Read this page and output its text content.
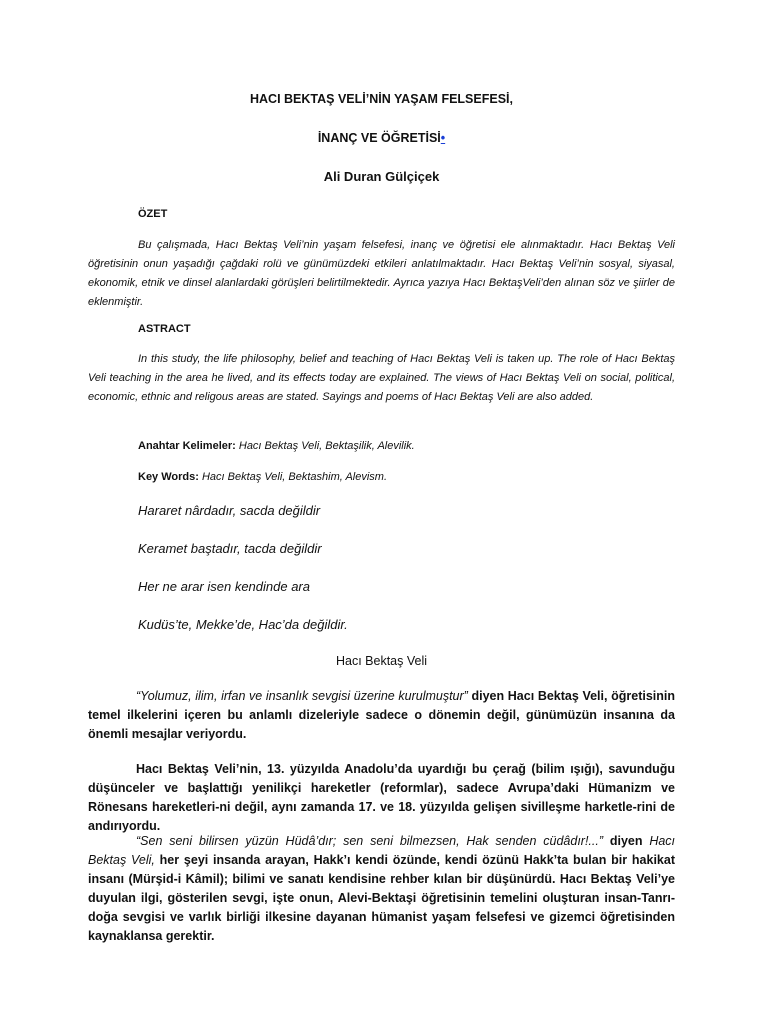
HACI BEKTAŞ VELİ’NİN YAŞAM FELSEFESİ,
İNANÇ VE ÖĞRETİSİ•
Ali Duran Gülçiçek
ÖZET
Bu çalışmada, Hacı Bektaş Veli’nin yaşam felsefesi, inanç ve öğretisi ele alınmaktadır. Hacı Bektaş Veli öğretisinin onun yaşadığı çağdaki rolü ve günümüzdeki etkileri anlatılmaktadır. Hacı Bektaş Veli’nin sosyal, siyasal, ekonomik, etnik ve dinsel alanlardaki görüşleri belirtilmektedir. Ayrıca yazıya Hacı BektaşVeli’den alınan söz ve şiirler de eklenmiştir.
ASTRACT
In this study, the life philosophy, belief and teaching of Hacı Bektaş Veli is taken up. The role of Hacı Bektaş Veli teaching in the area he lived, and its effects today are explained. The views of Hacı Bektaş Veli on social, political, economic, ethnic and religous areas are stated. Sayings and poems of Hacı Bektaş Veli are also added.
Anahtar Kelimeler: Hacı Bektaş Veli, Bektaşilik, Alevilik.
Key Words: Hacı Bektaş Veli, Bektashim, Alevism.
Hararet nârdadır, sacda değildir
Keramet baştadır, tacda değildir
Her ne arar isen kendinde ara
Kudüs’te, Mekke’de, Hac’da değildir.
Hacı Bektaş Veli
“Yolumuz, ilim, irfan ve insanlık sevgisi üzerine kurulmuştur” diyen Hacı Bektaş Veli, öğretisinin temel ilkelerini içeren bu anlamlı dizeleriyle sadece o dönemin değil, günümüzün insanına da önemli mesajlar veriyordu.
Hacı Bektaş Veli’nin, 13. yüzyılda Anadolu’da uyardığı bu çerağ (bilim ışığı), savunduğu düşünceler ve başlattığı yenilikçi hareketler (reformlar), sadece Avrupa’daki Hümanizm ve Rönesans hareketleri-ni değil, aynı zamanda 17. ve 18. yüzyılda gelişen sivilleşme harketle-rini de andırıyordu.
“Sen seni bilirsen yüzün Hüdâ’dır; sen seni bilmezsen, Hak senden cüdâdır!...” diyen Hacı Bektaş Veli, her şeyi insanda arayan, Hakk’ı kendi özünde, kendi özünü Hakk’ta bulan bir hakikat insanı (Mürşid-i Kâmil); bilimi ve sanatı kendisine rehber kılan bir düşünürdü. Hacı Bektaş Veli’ye duyulan ilgi, gösterilen sevgi, işte onun, Alevi-Bektaşi öğretisinin temelini oluşturan insan-Tanrı-doğa sevgisi ve varlık birliği ilkesine dayanan hümanist yaşam felsefesi ve gizemci öğretisinden kaynaklansa gerektir.
